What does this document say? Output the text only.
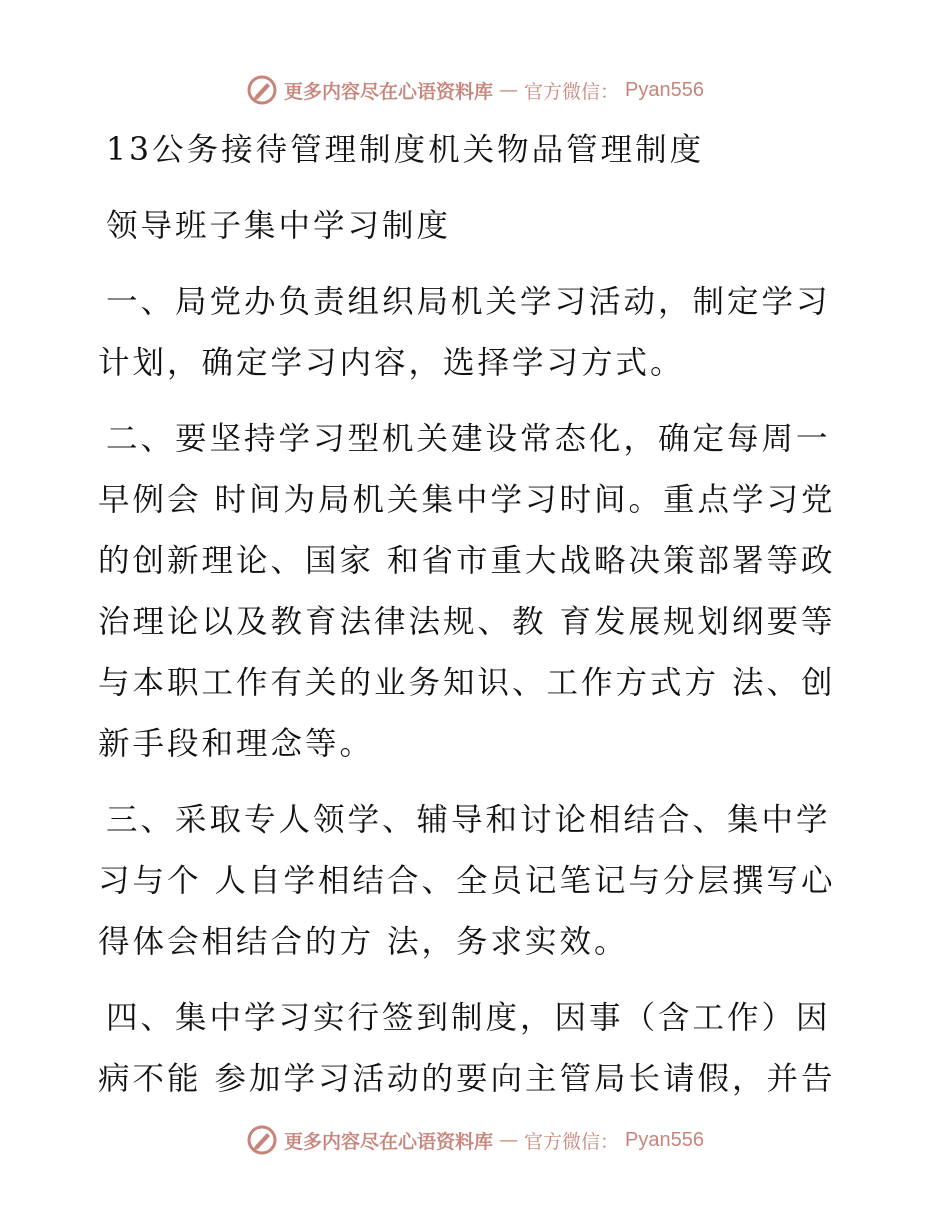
更多内容尽在心语资料库 — 官方微信： Pyan556

13公务接待管理制度机关物品管理制度

领导班子集中学习制度

一、局党办负责组织局机关学习活动，制定学习计划，确定学习内容，选择学习方式。

二、要坚持学习型机关建设常态化，确定每周一早例会 时间为局机关集中学习时间。重点学习党的创新理论、国家 和省市重大战略决策部署等政治理论以及教育法律法规、教 育发展规划纲要等与本职工作有关的业务知识、工作方式方 法、创新手段和理念等。

三、采取专人领学、辅导和讨论相结合、集中学习与个 人自学相结合、全员记笔记与分层撰写心得体会相结合的方 法，务求实效。

四、集中学习实行签到制度，因事（含工作）因病不能 参加学习活动的要向主管局长请假，并告

更多内容尽在心语资料库 — 官方微信： Pyan556
